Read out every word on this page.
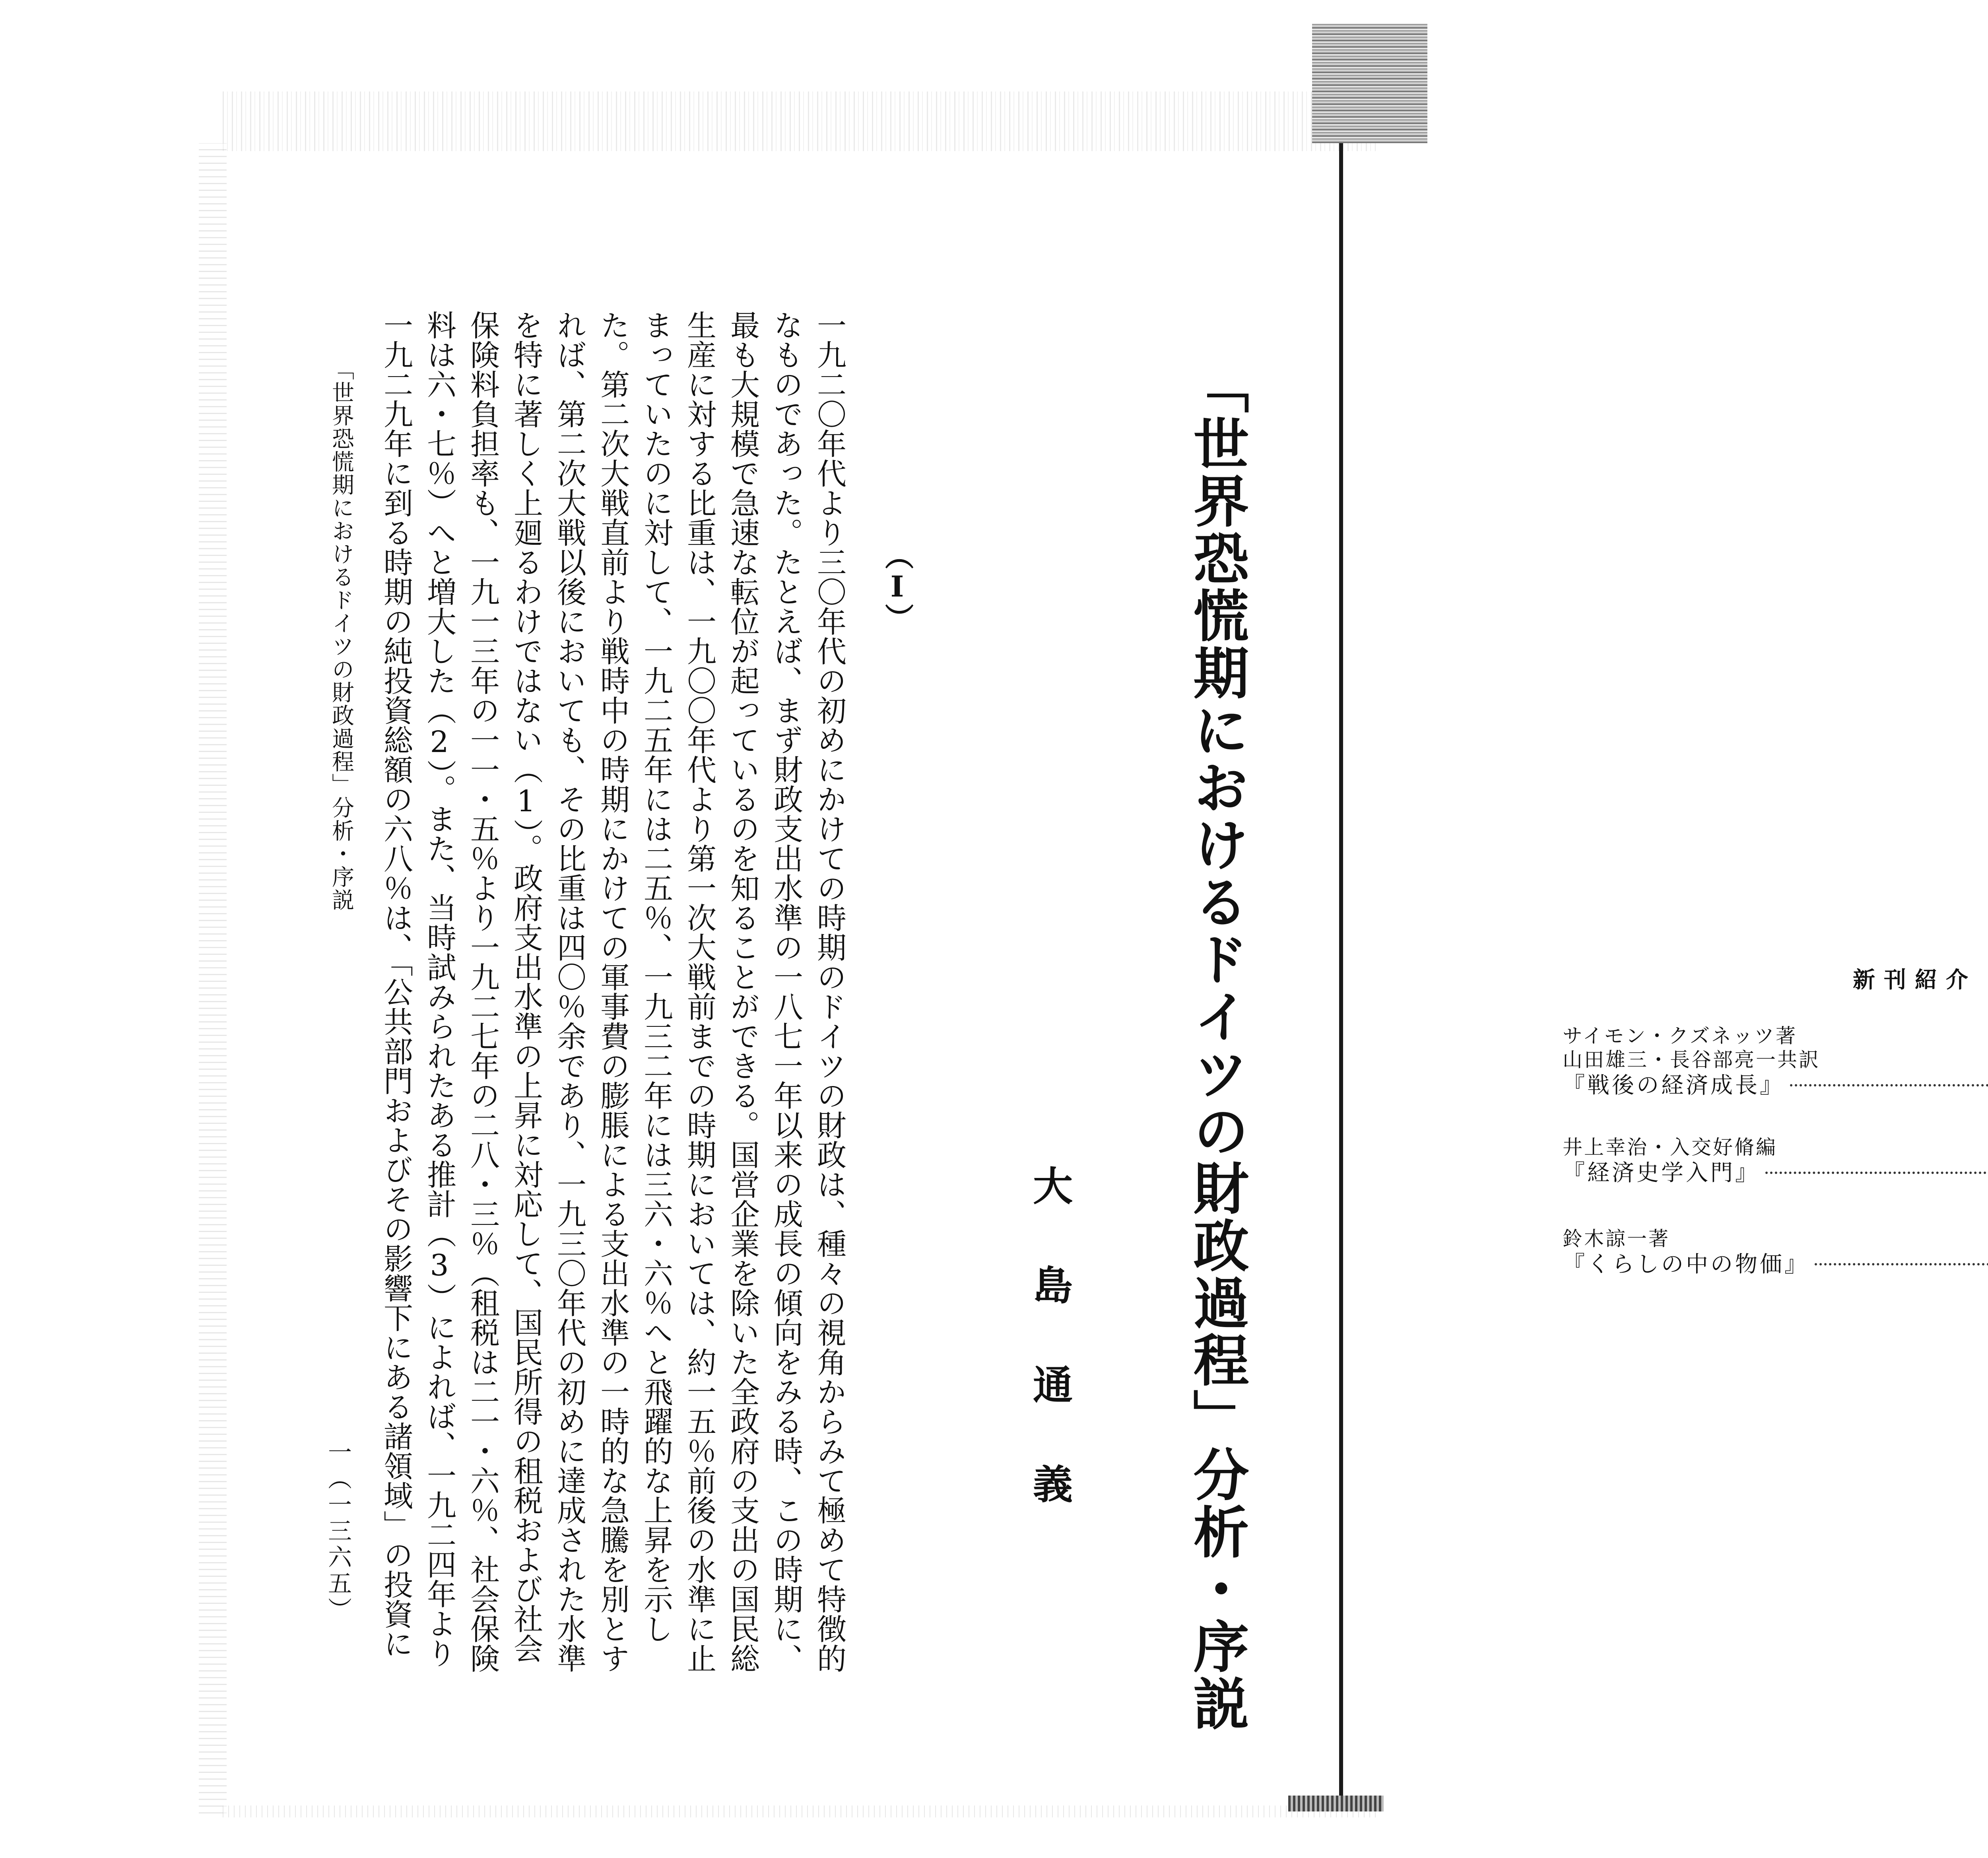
「世界恐慌期におけるドイツの財政過程」分析・序説
大島通義
（Ⅰ）
一九二〇年代より三〇年代の初めにかけての時期のドイツの財政は、種々の視角からみて極めて特徴的なものであった。たとえば、まず財政支出水準の一八七一年以来の成長の傾向をみる時、この時期に、最も大規模で急速な転位が起っているのを知ることができる。国営企業を除いた全政府の支出の国民総生産に対する比重は、一九〇〇年代より第一次大戦前までの時期においては、約一五％前後の水準に止まっていたのに対して、一九二五年には二五％、一九三二年には三六・六％へと飛躍的な上昇を示した。第二次大戦直前より戦時中の時期にかけての軍事費の膨脹による支出水準の一時的な急騰を別とすれば、第二次大戦以後においても、その比重は四〇％余であり、一九三〇年代の初めに達成された水準を特に著しく上廻るわけではない（1）。政府支出水準の上昇に対応して、国民所得の租税および社会保険料負担率も、一九一三年の一一・五％より一九二七年の二八・三％（租税は二一・六％、社会保険料は六・七％）へと増大した（2）。また、当時試みられたある推計（3）によれば、一九二四年より一九二九年に到る時期の純投資総額の六八％は、「公共部門およびその影響下にある諸領域」の投資に
「世界恐慌期におけるドイツの財政過程」分析・序説
一（一三六五）
新刊紹介
サイモン・クズネッツ著
山田雄三・長谷部亮一共訳
『戦後の経済成長』
井上幸治・入交好脩編
『経済史学入門』
鈴木諒一著
『くらしの中の物価』
